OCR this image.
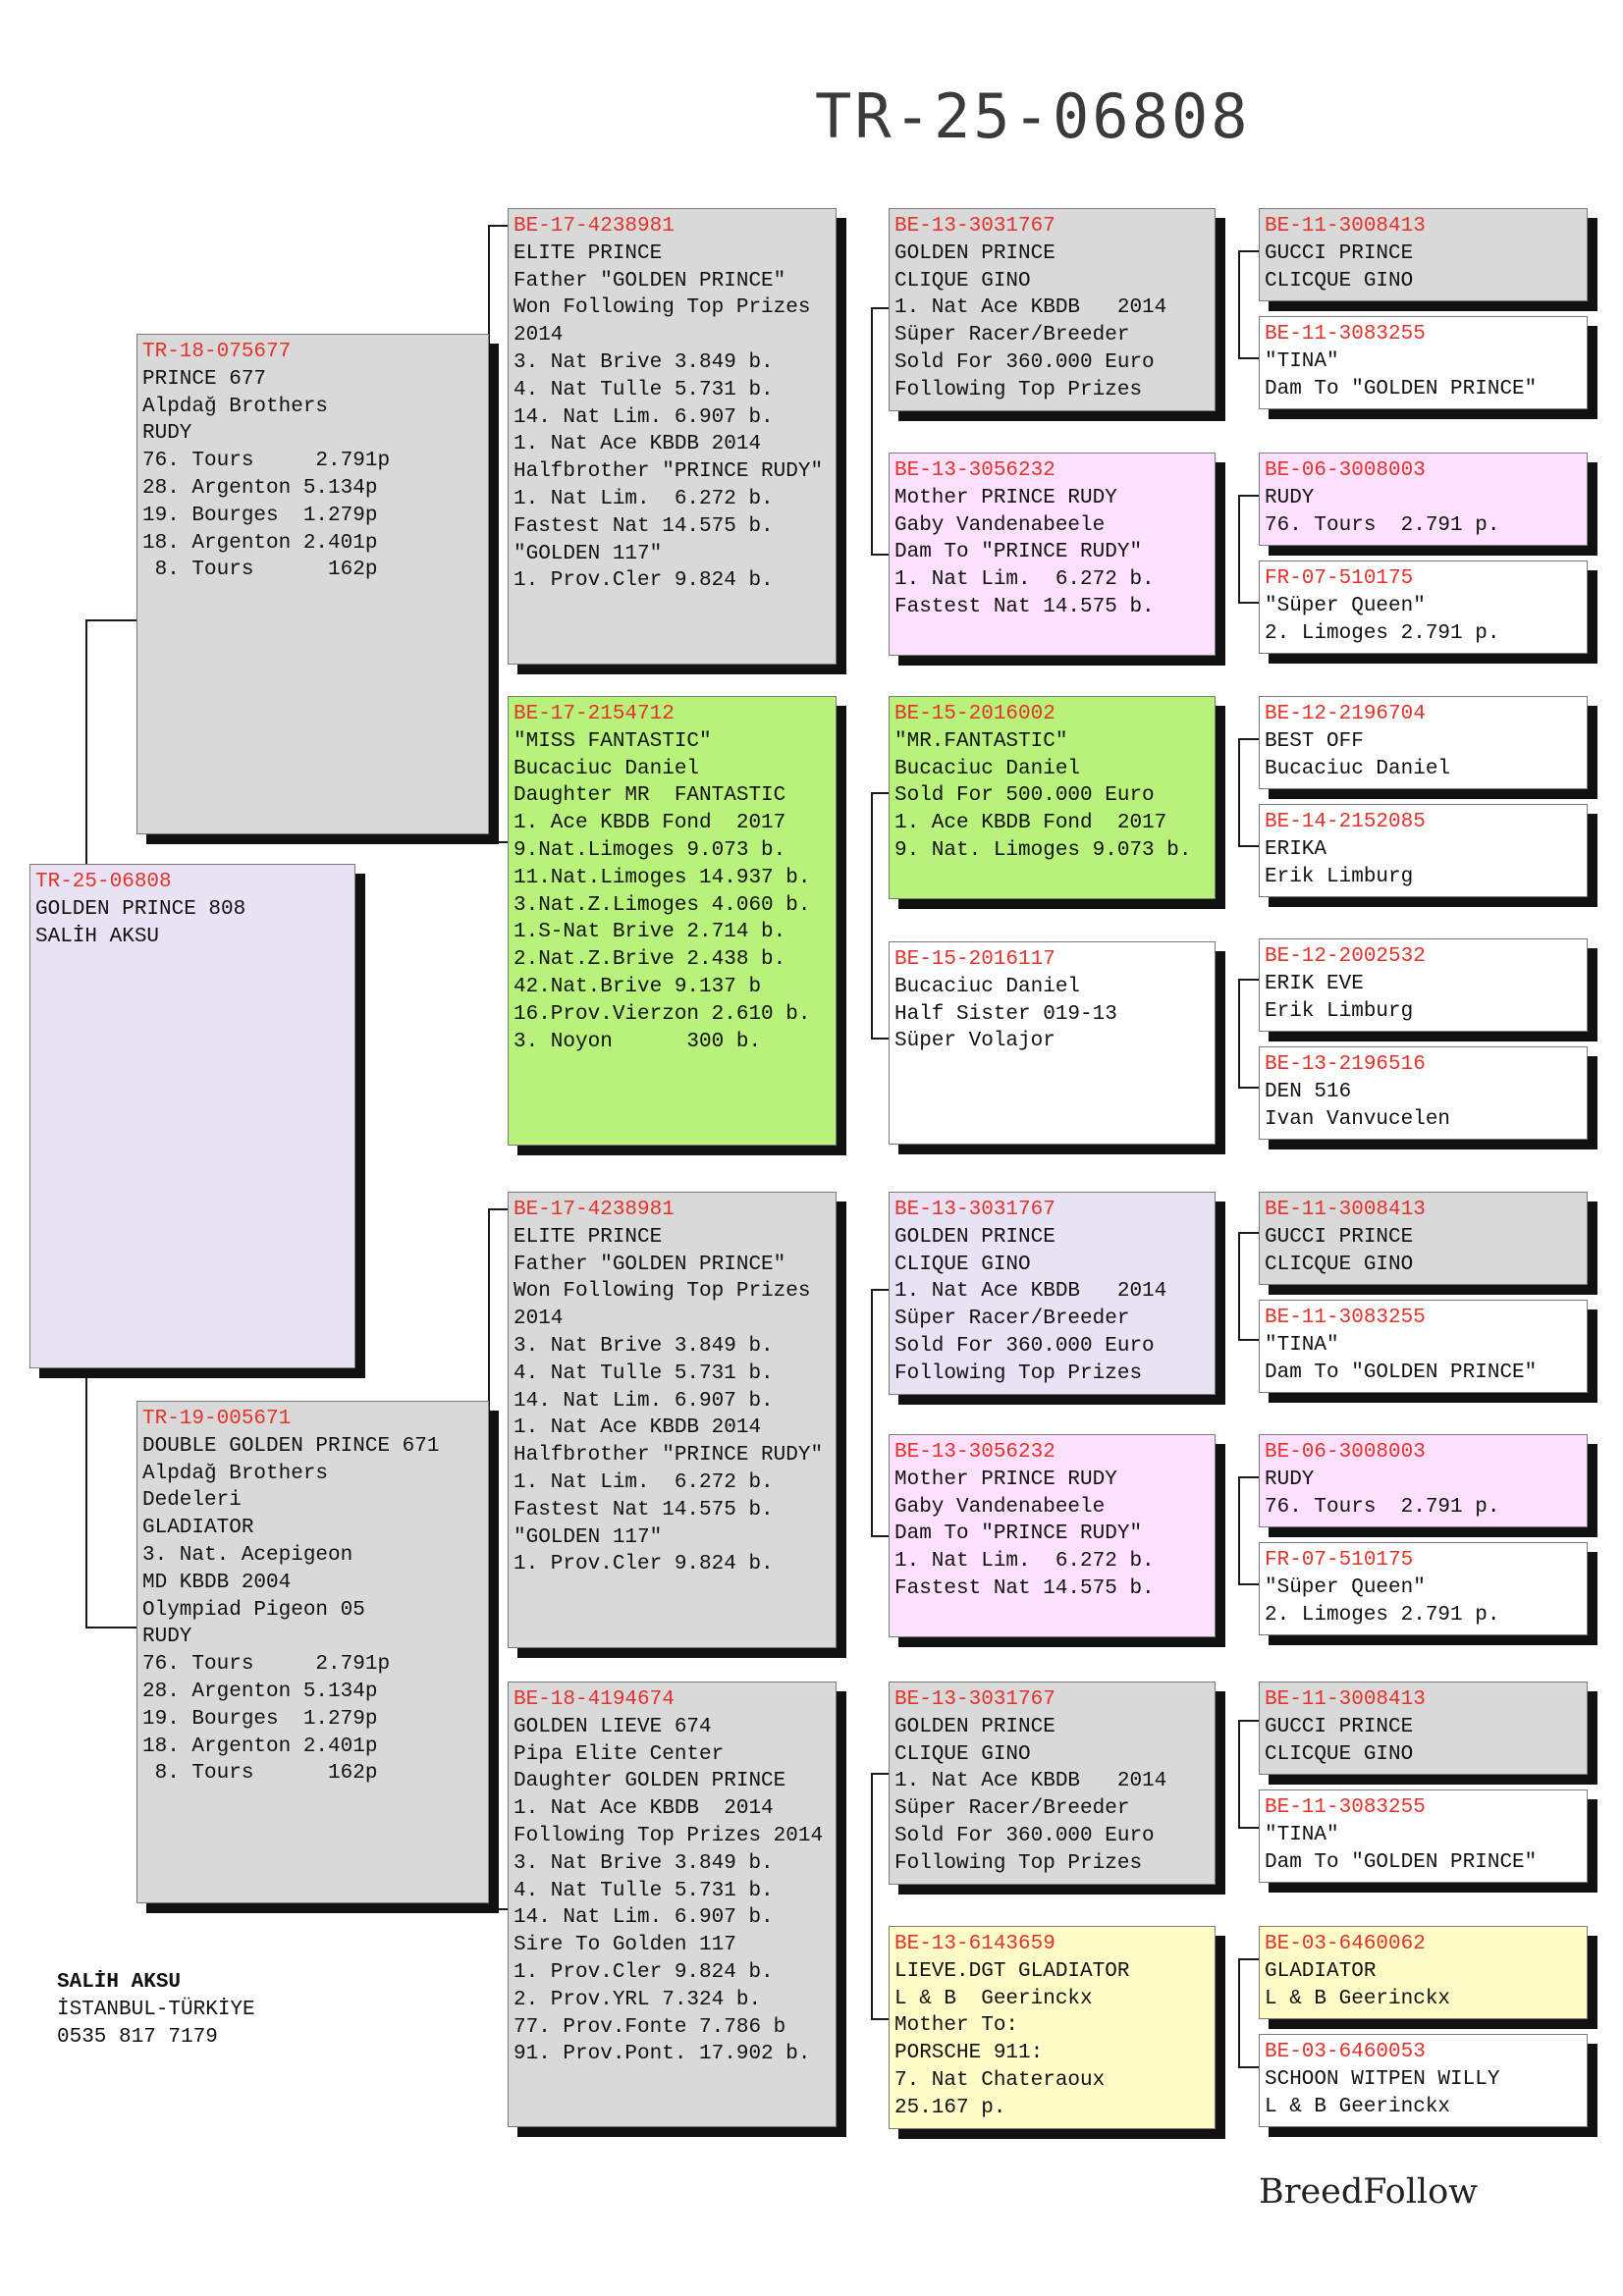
TR-25-06808
TR-25-06808
GOLDEN PRINCE 808
SALİH AKSU
TR-18-075677
PRINCE 677
Alpdağ Brothers
RUDY
76. Tours     2.791p
28. Argenton 5.134p
19. Bourges  1.279p
18. Argenton 2.401p
8. Tours      162p
TR-19-005671
DOUBLE GOLDEN PRINCE 671
Alpdağ Brothers
Dedeleri
GLADIATOR
3. Nat. Acepigeon
MD KBDB 2004
Olympiad Pigeon 05
RUDY
76. Tours     2.791p
28. Argenton 5.134p
19. Bourges  1.279p
18. Argenton 2.401p
8. Tours      162p
BE-17-4238981
ELITE PRINCE
Father "GOLDEN PRINCE"
Won Following Top Prizes 2014
3. Nat Brive 3.849 b.
4. Nat Tulle 5.731 b.
14. Nat Lim. 6.907 b.
1. Nat Ace KBDB 2014
Halfbrother "PRINCE RUDY"
1. Nat Lim.  6.272 b.
Fastest Nat 14.575 b.
"GOLDEN 117"
1. Prov.Cler 9.824 b.
BE-17-2154712
"MISS FANTASTIC"
Bucaciuc Daniel
Daughter MR  FANTASTIC
1. Ace KBDB Fond  2017
9.Nat.Limoges 9.073 b.
11.Nat.Limoges 14.937 b.
3.Nat.Z.Limoges 4.060 b.
1.S-Nat Brive 2.714 b.
2.Nat.Z.Brive 2.438 b.
42.Nat.Brive 9.137 b
16.Prov.Vierzon 2.610 b.
3. Noyon      300 b.
BE-17-4238981
ELITE PRINCE
Father "GOLDEN PRINCE"
Won Following Top Prizes 2014
3. Nat Brive 3.849 b.
4. Nat Tulle 5.731 b.
14. Nat Lim. 6.907 b.
1. Nat Ace KBDB 2014
Halfbrother "PRINCE RUDY"
1. Nat Lim.  6.272 b.
Fastest Nat 14.575 b.
"GOLDEN 117"
1. Prov.Cler 9.824 b.
BE-18-4194674
GOLDEN LIEVE 674
Pipa Elite Center
Daughter GOLDEN PRINCE
1. Nat Ace KBDB  2014
Following Top Prizes 2014
3. Nat Brive 3.849 b.
4. Nat Tulle 5.731 b.
14. Nat Lim. 6.907 b.
Sire To Golden 117
1. Prov.Cler 9.824 b.
2. Prov.YRL 7.324 b.
77. Prov.Fonte 7.786 b
91. Prov.Pont. 17.902 b.
BE-13-3031767
GOLDEN PRINCE
CLIQUE GINO
1. Nat Ace KBDB   2014
Süper Racer/Breeder
Sold For 360.000 Euro
Following Top Prizes
BE-13-3056232
Mother PRINCE RUDY
Gaby Vandenabeele
Dam To "PRINCE RUDY"
1. Nat Lim.  6.272 b.
Fastest Nat 14.575 b.
BE-15-2016002
"MR.FANTASTIC"
Bucaciuc Daniel
Sold For 500.000 Euro
1. Ace KBDB Fond  2017
9. Nat. Limoges 9.073 b.
BE-15-2016117
Bucaciuc Daniel
Half Sister 019-13
Süper Volajor
BE-13-3031767
GOLDEN PRINCE
CLIQUE GINO
1. Nat Ace KBDB   2014
Süper Racer/Breeder
Sold For 360.000 Euro
Following Top Prizes
BE-13-3056232
Mother PRINCE RUDY
Gaby Vandenabeele
Dam To "PRINCE RUDY"
1. Nat Lim.  6.272 b.
Fastest Nat 14.575 b.
BE-13-3031767
GOLDEN PRINCE
CLIQUE GINO
1. Nat Ace KBDB   2014
Süper Racer/Breeder
Sold For 360.000 Euro
Following Top Prizes
BE-13-6143659
LIEVE.DGT GLADIATOR
L & B  Geerinckx
Mother To:
PORSCHE 911:
7. Nat Chateraoux
25.167 p.
BE-11-3008413
GUCCI PRINCE
CLICQUE GINO
BE-11-3083255
"TINA"
Dam To "GOLDEN PRINCE"
BE-06-3008003
RUDY
76. Tours  2.791 p.
FR-07-510175
"Süper Queen"
2. Limoges 2.791 p.
BE-12-2196704
BEST OFF
Bucaciuc Daniel
BE-14-2152085
ERIKA
Erik Limburg
BE-12-2002532
ERIK EVE
Erik Limburg
BE-13-2196516
DEN 516
Ivan Vanvucelen
BE-11-3008413
GUCCI PRINCE
CLICQUE GINO
BE-11-3083255
"TINA"
Dam To "GOLDEN PRINCE"
BE-06-3008003
RUDY
76. Tours  2.791 p.
FR-07-510175
"Süper Queen"
2. Limoges 2.791 p.
BE-11-3008413
GUCCI PRINCE
CLICQUE GINO
BE-11-3083255
"TINA"
Dam To "GOLDEN PRINCE"
BE-03-6460062
GLADIATOR
L & B Geerinckx
BE-03-6460053
SCHOON WITPEN WILLY
L & B Geerinckx
SALİH AKSU
İSTANBUL-TÜRKİYE
0535 817 7179
BreedFollow
